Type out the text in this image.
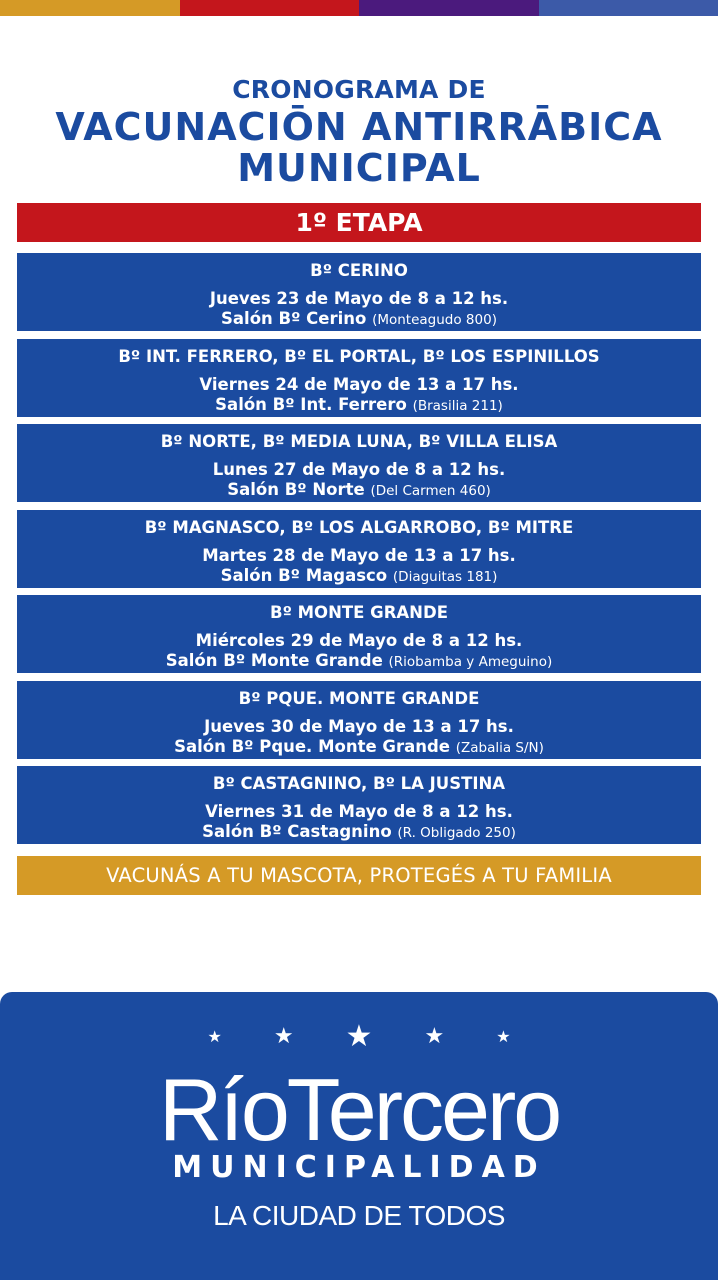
CRONOGRAMA DE
VACUNACIŌN ANTIRRĀBICA
MUNICIPAL
1º ETAPA
Bº CERINO
Jueves 23 de Mayo de 8 a 12 hs.
Salón Bº Cerino (Monteagudo 800)
Bº INT. FERRERO, Bº EL PORTAL, Bº LOS ESPINILLOS
Viernes 24 de Mayo de 13 a 17 hs.
Salón Bº Int. Ferrero (Brasilia 211)
Bº NORTE, Bº MEDIA LUNA, Bº VILLA ELISA
Lunes 27 de Mayo de 8 a 12 hs.
Salón Bº Norte (Del Carmen 460)
Bº MAGNASCO, Bº LOS ALGARROBO, Bº MITRE
Martes 28 de Mayo de 13 a 17 hs.
Salón Bº Magasco (Diaguitas 181)
Bº MONTE GRANDE
Miércoles 29 de Mayo de 8 a 12 hs.
Salón Bº Monte Grande (Riobamba y Ameguino)
Bº PQUE. MONTE GRANDE
Jueves 30 de Mayo de 13 a 17 hs.
Salón Bº Pque. Monte Grande (Zabalia S/N)
Bº CASTAGNINO, Bº LA JUSTINA
Viernes 31 de Mayo de 8 a 12 hs.
Salón Bº Castagnino (R. Obligado 250)
VACUNÁS A TU MASCOTA, PROTEGÉS A TU FAMILIA
★ ★ ★ ★	★
RíoTercero
MUNICIPALIDAD
LA CIUDAD DE TODOS
